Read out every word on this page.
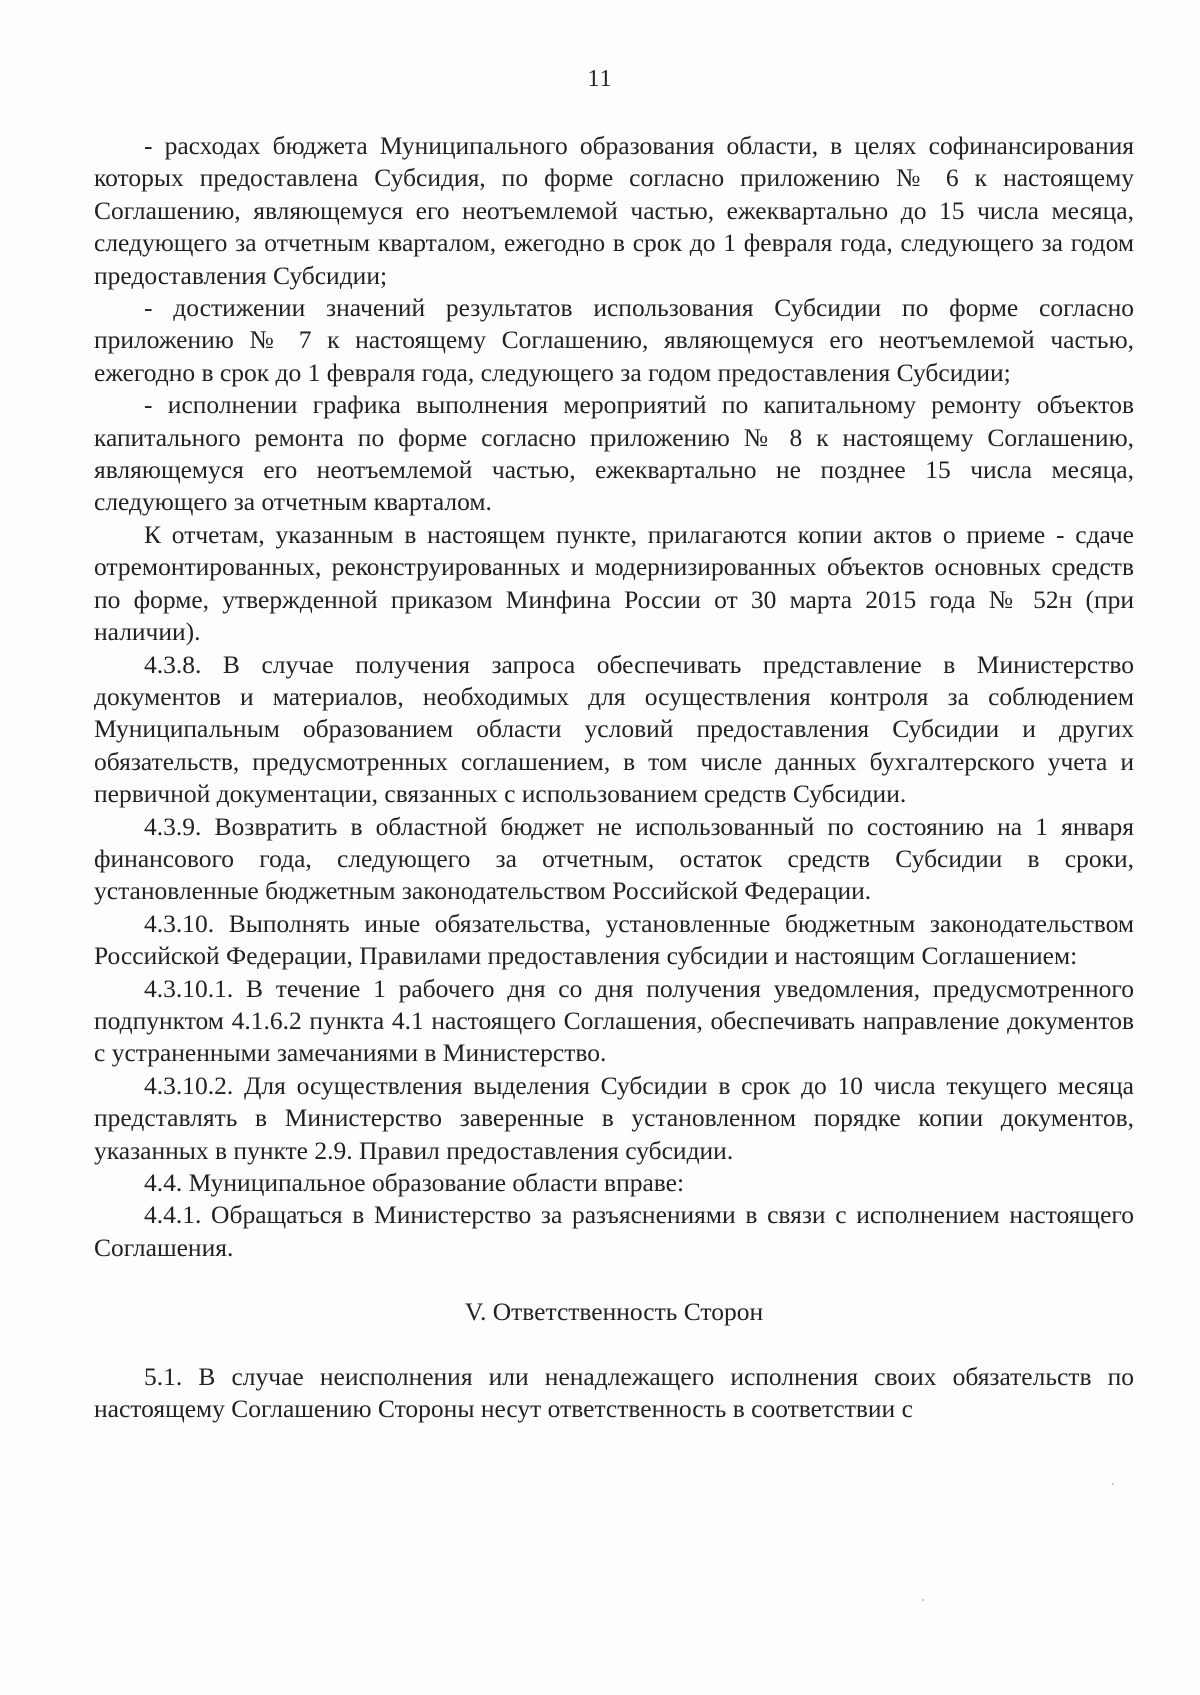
11

- расходах бюджета Муниципального образования области, в целях софинансирования которых предоставлена Субсидия, по форме согласно приложению № 6 к настоящему Соглашению, являющемуся его неотъемлемой частью, ежеквартально до 15 числа месяца, следующего за отчетным кварталом, ежегодно в срок до 1 февраля года, следующего за годом предоставления Субсидии;

- достижении значений результатов использования Субсидии по форме согласно приложению № 7 к настоящему Соглашению, являющемуся его неотъемлемой частью, ежегодно в срок до 1 февраля года, следующего за годом предоставления Субсидии;

- исполнении графика выполнения мероприятий по капитальному ремонту объектов капитального ремонта по форме согласно приложению № 8 к настоящему Соглашению, являющемуся его неотъемлемой частью, ежеквартально не позднее 15 числа месяца, следующего за отчетным кварталом.

К отчетам, указанным в настоящем пункте, прилагаются копии актов о приеме - сдаче отремонтированных, реконструированных и модернизированных объектов основных средств по форме, утвержденной приказом Минфина России от 30 марта 2015 года № 52н (при наличии).

4.3.8. В случае получения запроса обеспечивать представление в Министерство документов и материалов, необходимых для осуществления контроля за соблюдением Муниципальным образованием области условий предоставления Субсидии и других обязательств, предусмотренных соглашением, в том числе данных бухгалтерского учета и первичной документации, связанных с использованием средств Субсидии.

4.3.9. Возвратить в областной бюджет не использованный по состоянию на 1 января финансового года, следующего за отчетным, остаток средств Субсидии в сроки, установленные бюджетным законодательством Российской Федерации.

4.3.10. Выполнять иные обязательства, установленные бюджетным законодательством Российской Федерации, Правилами предоставления субсидии и настоящим Соглашением:

4.3.10.1. В течение 1 рабочего дня со дня получения уведомления, предусмотренного подпунктом 4.1.6.2 пункта 4.1 настоящего Соглашения, обеспечивать направление документов с устраненными замечаниями в Министерство.

4.3.10.2. Для осуществления выделения Субсидии в срок до 10 числа текущего месяца представлять в Министерство заверенные в установленном порядке копии документов, указанных в пункте 2.9. Правил предоставления субсидии.

4.4. Муниципальное образование области вправе:

4.4.1. Обращаться в Министерство за разъяснениями в связи с исполнением настоящего Соглашения.

V. Ответственность Сторон

5.1. В случае неисполнения или ненадлежащего исполнения своих обязательств по настоящему Соглашению Стороны несут ответственность в соответствии с
